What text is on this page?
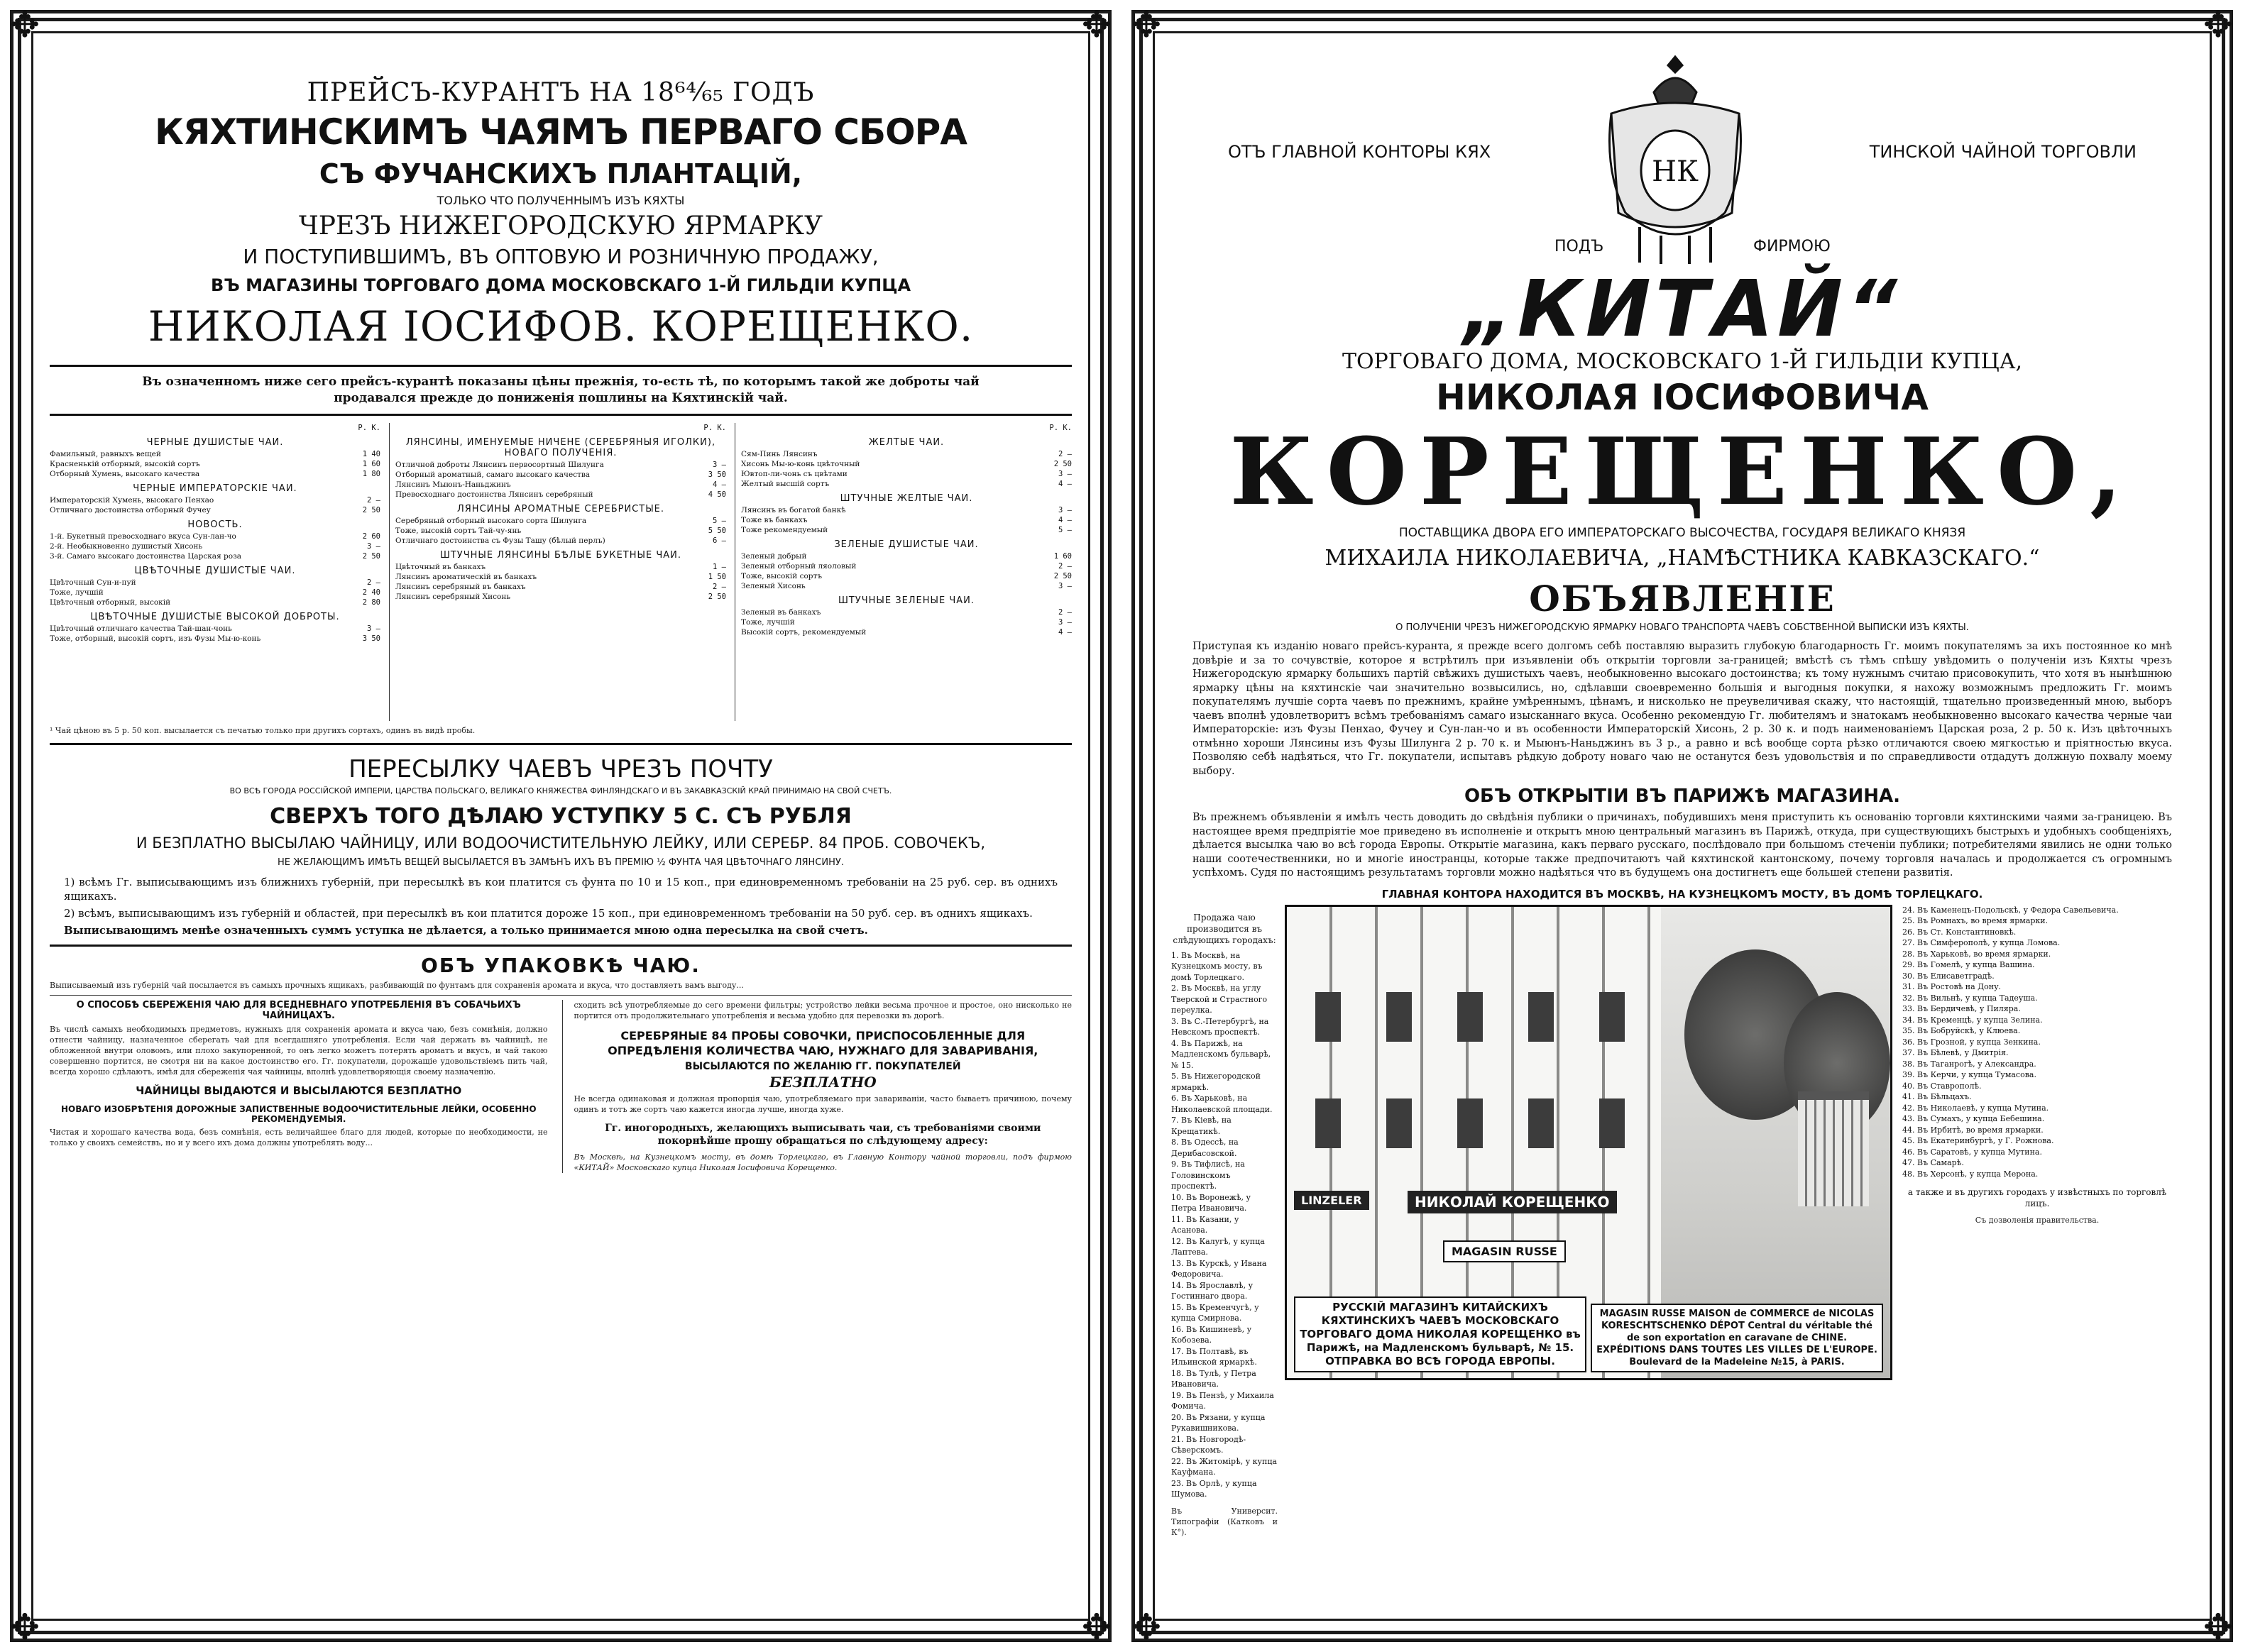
✥	✥
✥	✥

ПРЕЙСЪ-КУРАНТЪ НА 18⁶⁴⁄₆₅ ГОДЪ

КЯХТИНСКИМЪ ЧАЯМЪ ПЕРВАГО СБОРА

СЪ ФУЧАНСКИХЪ ПЛАНТАЦІЙ,

ТОЛЬКО ЧТО ПОЛУЧЕННЫМЪ ИЗЪ КЯХТЫ

ЧРЕЗЪ НИЖЕГОРОДСКУЮ ЯРМАРКУ

И ПОСТУПИВШИМЪ, ВЪ ОПТОВУЮ И РОЗНИЧНУЮ ПРОДАЖУ,

ВЪ МАГАЗИНЫ ТОРГОВАГО ДОМА МОСКОВСКАГО 1-Й ГИЛЬДІИ КУПЦА

НИКОЛАЯ ІОСИФОВ. КОРЕЩЕНКО.

Въ означенномъ ниже сего прейсъ-курантѣ показаны цѣны прежнія, то-есть тѣ, по которымъ такой же доброты чай продавался прежде до пониженія пошлины на Кяхтинскій чай.

Р. К.

ЧЕРНЫЕ ДУШИСТЫЕ ЧАИ.

Фамильный, равныхъ вещей	1 40
Красненькій отборный, высокій сортъ	1 60
Отборный Хумень, высокаго качества	1 80

ЧЕРНЫЕ ИМПЕРАТОРСКІЕ ЧАИ.

Императорскій Хумень, высокаго Пенхао	2 —
Отличнаго достоинства отборный Фучеу	2 50

НОВОСТЬ.

1-й. Букетный превосходнаго вкуса Сун-лан-чо	2 60
2-й. Необыкновенно душистый Хисонь	3 —
3-й. Самаго высокаго достоинства Царская роза	2 50

ЦВѢТОЧНЫЕ ДУШИСТЫЕ ЧАИ.

Цвѣточный Сун-и-пуй	2 —
Тоже, лучшій	2 40
Цвѣточный отборный, высокій	2 80

ЦВѢТОЧНЫЕ ДУШИСТЫЕ ВЫСОКОЙ ДОБРОТЫ.

Цвѣточный отличнаго качества Тай-шан-чонь	3 —
Тоже, отборный, высокій сортъ, изъ Фузы Мы-ю-конь	3 50
Р. К.

ЛЯНСИНЫ, ИМЕНУЕМЫЕ НИЧЕНЕ (СЕРЕБРЯНЫЯ ИГОЛКИ), НОВАГО ПОЛУЧЕНІЯ.

Отличной доброты Лянсинъ первосортный Шилунга	3 —
Отборный ароматный, самаго высокаго качества	3 50
Лянсинъ Мыюнъ-Наньджинъ	4 —
Превосходнаго достоинства Лянсинъ серебряный	4 50

ЛЯНСИНЫ АРОМАТНЫЕ СЕРЕБРИСТЫЕ.

Серебряный отборный высокаго сорта Шилунга	5 —
Тоже, высокій сортъ Тай-чу-янь	5 50
Отличнаго достоинства съ Фузы Ташу (бѣлый перлъ)	6 —

ШТУЧНЫЕ ЛЯНСИНЫ БѢЛЫЕ БУКЕТНЫЕ ЧАИ.

Цвѣточный въ банкахъ	1 —
Лянсинъ ароматическій въ банкахъ	1 50
Лянсинъ серебряный въ банкахъ	2 —
Лянсинъ серебряный Хисонь	2 50
Р. К.

ЖЕЛТЫЕ ЧАИ.

Сям-Пинь Лянсинъ	2 —
Хисонь Мы-ю-конь цвѣточный	2 50
Ювтоп-ли-чонь съ цвѣтами	3 —
Желтый высшій сортъ	4 —

ШТУЧНЫЕ ЖЕЛТЫЕ ЧАИ.

Лянсинъ въ богатой банкѣ	3 —
Тоже въ банкахъ	4 —
Тоже рекомендуемый	5 —

ЗЕЛЕНЫЕ ДУШИСТЫЕ ЧАИ.

Зеленый добрый	1 60
Зеленый отборный ляоловый	2 —
Тоже, высокій сортъ	2 50
Зеленый Хисонь	3 —

ШТУЧНЫЕ ЗЕЛЕНЫЕ ЧАИ.

Зеленый въ банкахъ	2 —
Тоже, лучшій	3 —
Высокій сортъ, рекомендуемый	4 —

¹ Чай цѣною въ 5 р. 50 коп. высылается съ печатью только при другихъ сортахъ, одинъ въ видѣ пробы.

ПЕРЕСЫЛКУ ЧАЕВЪ ЧРЕЗЪ ПОЧТУ

ВО ВСѢ ГОРОДА РОССІЙСКОЙ ИМПЕРІИ, ЦАРСТВА ПОЛЬСКАГО, ВЕЛИКАГО КНЯЖЕСТВА ФИНЛЯНДСКАГО И ВЪ ЗАКАВКАЗСКІЙ КРАЙ ПРИНИМАЮ НА СВОЙ СЧЕТЪ.

СВЕРХЪ ТОГО ДѢЛАЮ УСТУПКУ 5 С. СЪ РУБЛЯ

И БЕЗПЛАТНО ВЫСЫЛАЮ ЧАЙНИЦУ, ИЛИ ВОДООЧИСТИТЕЛЬНУЮ ЛЕЙКУ, ИЛИ СЕРЕБР. 84 ПРОБ. СОВОЧЕКЪ,

НЕ ЖЕЛАЮЩИМЪ ИМѢТЬ ВЕЩЕЙ ВЫСЫЛАЕТСЯ ВЪ ЗАМѢНЪ ИХЪ ВЪ ПРЕМІЮ ½ ФУНТА ЧАЯ ЦВѢТОЧНАГО ЛЯНСИНУ.

1) всѣмъ Гг. выписывающимъ изъ ближнихъ губерній, при пересылкѣ въ кои платится съ фунта по 10 и 15 коп., при единовременномъ требованіи на 25 руб. сер. въ однихъ ящикахъ.

2) всѣмъ, выписывающимъ изъ губерній и областей, при пересылкѣ въ кои платится дороже 15 коп., при единовременномъ требованіи на 50 руб. сер. въ однихъ ящикахъ.

Выписывающимъ менѣе означенныхъ суммъ уступка не дѣлается, а только принимается мною одна пересылка на свой счетъ.

ОБЪ УПАКОВКѢ ЧАЮ.

Выписываемый изъ губерній чай посылается въ самыхъ прочныхъ ящикахъ, разбивающій по фунтамъ для сохраненія аромата и вкуса, что доставляетъ вамъ выгоду...

О СПОСОБѢ СБЕРЕЖЕНІЯ ЧАЮ ДЛЯ ВСЕДНЕВНАГО УПОТРЕБЛЕНІЯ ВЪ СОБАЧЬИХЪ ЧАЙНИЦАХЪ.

Въ числѣ самыхъ необходимыхъ предметовъ, нужныхъ для сохраненія аромата и вкуса чаю, безъ сомнѣнія, должно отнести чайницу, назначенное сберегать чай для всегдашняго употребленія. Если чай держать въ чайницѣ, не обложенной внутри оловомъ, или плохо закупоренной, то онъ легко можетъ потерять ароматъ и вкусъ, и чай такою совершенно портится, не смотря ни на какое достоинство его. Гг. покупатели, дорожащіе удовольствіемъ пить чай, всегда хорошо сдѣлаютъ, имѣя для сбереженія чая чайницы, вполнѣ удовлетворяющія своему назначенію.

ЧАЙНИЦЫ ВЫДАЮТСЯ И ВЫСЫЛАЮТСЯ БЕЗПЛАТНО

НОВАГО ИЗОБРѢТЕНІЯ ДОРОЖНЫЕ ЗАПИСТВЕННЫЕ ВОДООЧИСТИТЕЛЬНЫЕ ЛЕЙКИ, ОСОБЕННО РЕКОМЕНДУЕМЫЯ.

Чистая и хорошаго качества вода, безъ сомнѣнія, есть величайшее благо для людей, которые по необходимости, не только у своихъ семействъ, но и у всего ихъ дома должны употреблять воду...

сходить всѣ употребляемые до сего времени фильтры; устройство лейки весьма прочное и простое, оно нисколько не портится отъ продолжительнаго употребленія и весьма удобно для перевозки въ дорогѣ.

СЕРЕБРЯНЫЕ 84 ПРОБЫ СОВОЧКИ, ПРИСПОСОБЛЕННЫЕ ДЛЯ ОПРЕДѢЛЕНІЯ КОЛИЧЕСТВА ЧАЮ, НУЖНАГО ДЛЯ ЗАВАРИВАНІЯ,

ВЫСЫЛАЮТСЯ ПО ЖЕЛАНІЮ ГГ. ПОКУПАТЕЛЕЙ

БЕЗПЛАТНО

Не всегда одинаковая и должная пропорція чаю, употребляемаго при завариваніи, часто бываетъ причиною, почему одинъ и тотъ же сортъ чаю кажется иногда лучше, иногда хуже.

Гг. иногородныхъ, желающихъ выписывать чаи, съ требованіями своими покорнѣйше прошу обращаться по слѣдующему адресу:

Въ Москвѣ, на Кузнецкомъ мосту, въ домѣ Торлецкаго, въ Главную Контору чайной торговли, подъ фирмою «КИТАЙ» Московскаго купца Николая Іосифовича Корещенко.

✥	✥
✥	✥

ОТЪ ГЛАВНОЙ КОНТОРЫ КЯХ	ТИНСКОЙ ЧАЙНОЙ ТОРГОВЛИ

НК

ПОДЪ	ФИРМОЮ

„КИТАЙ“

ТОРГОВАГО ДОМА, МОСКОВСКАГО 1-Й ГИЛЬДІИ КУПЦА,

НИКОЛАЯ ІОСИФОВИЧА

КОРЕЩЕНКО,

ПОСТАВЩИКА ДВОРА ЕГО ИМПЕРАТОРСКАГО ВЫСОЧЕСТВА, ГОСУДАРЯ ВЕЛИКАГО КНЯЗЯ

МИХАИЛА НИКОЛАЕВИЧА, „НАМѢСТНИКА КАВКАЗСКАГО.“

ОБЪЯВЛЕНІЕ

О ПОЛУЧЕНІИ ЧРЕЗЪ НИЖЕГОРОДСКУЮ ЯРМАРКУ НОВАГО ТРАНСПОРТА ЧАЕВЪ СОБСТВЕННОЙ ВЫПИСКИ ИЗЪ КЯХТЫ.

Приступая къ изданію новаго прейсъ-куранта, я прежде всего долгомъ себѣ поставляю выразить глубокую благодарность Гг. моимъ покупателямъ за ихъ постоянное ко мнѣ довѣріе и за то сочувствіе, которое я встрѣтилъ при изъявленіи объ открытіи торговли за-границей; вмѣстѣ съ тѣмъ спѣшу увѣдомить о полученіи изъ Кяхты чрезъ Нижегородскую ярмарку большихъ партій свѣжихъ душистыхъ чаевъ, необыкновенно высокаго достоинства; къ тому нужнымъ считаю присовокупить, что хотя въ нынѣшнюю ярмарку цѣны на кяхтинскіе чаи значительно возвысились, но, сдѣлавши своевременно большія и выгодныя покупки, я нахожу возможнымъ предложить Гг. моимъ покупателямъ лучшіе сорта чаевъ по прежнимъ, крайне умѣреннымъ, цѣнамъ, и нисколько не преувеличивая скажу, что настоящій, тщательно произведенный мною, выборъ чаевъ вполнѣ удовлетворитъ всѣмъ требованіямъ самаго изысканнаго вкуса. Особенно рекомендую Гг. любителямъ и знатокамъ необыкновенно высокаго качества черные чаи Императорскіе: изъ Фузы Пенхао, Фучеу и Сун-лан-чо и въ особенности Императорскій Хисонь, 2 р. 30 к. и подъ наименованіемъ Царская роза, 2 р. 50 к. Изъ цвѣточныхъ отмѣнно хороши Лянсины изъ Фузы Шилунга 2 р. 70 к. и Мыюнъ-Наньджинъ въ 3 р., а равно и всѣ вообще сорта рѣзко отличаются своею мягкостью и пріятностью вкуса. Позволяю себѣ надѣяться, что Гг. покупатели, испытавъ рѣдкую доброту новаго чаю не останутся безъ удовольствія и по справедливости отдадутъ должную похвалу моему выбору.

ОБЪ ОТКРЫТІИ ВЪ ПАРИЖѢ МАГАЗИНА.

Въ прежнемъ объявленіи я имѣлъ честь доводить до свѣдѣнія публики о причинахъ, побудившихъ меня приступить къ основанію торговли кяхтинскими чаями за-границею. Въ настоящее время предпріятіе мое приведено въ исполненіе и открытъ мною центральный магазинъ въ Парижѣ, откуда, при существующихъ быстрыхъ и удобныхъ сообщеніяхъ, дѣлается высылка чаю во всѣ города Европы. Открытіе магазина, какъ перваго русскаго, послѣдовало при большомъ стеченіи публики; потребителями явились не одни только наши соотечественники, но и многіе иностранцы, которые также предпочитаютъ чай кяхтинской кантонскому, почему торговля началась и продолжается съ огромнымъ успѣхомъ. Судя по настоящимъ результатамъ торговли можно надѣяться что въ будущемъ она достигнетъ еще большей степени развитія.

ГЛАВНАЯ КОНТОРА НАХОДИТСЯ ВЪ МОСКВѢ, НА КУЗНЕЦКОМЪ МОСТУ, ВЪ ДОМѢ ТОРЛЕЦКАГО.

Продажа чаю производится въ слѣдующихъ городахъ:

1. Въ Москвѣ, на Кузнецкомъ мосту, въ домѣ Торлецкаго.

2. Въ Москвѣ, на углу Тверской и Страстного переулка.

3. Въ С.-Петербургѣ, на Невскомъ проспектѣ.

4. Въ Парижѣ, на Мадленскомъ бульварѣ, № 15.

5. Въ Нижегородской ярмаркѣ.

6. Въ Харьковѣ, на Николаевской площади.

7. Въ Кіевѣ, на Крещатикѣ.

8. Въ Одессѣ, на Дерибасовской.

9. Въ Тифлисѣ, на Головинскомъ проспектѣ.

10. Въ Воронежѣ, у Петра Ивановича.

11. Въ Казани, у Асанова.

12. Въ Калугѣ, у купца Лаптева.

13. Въ Курскѣ, у Ивана Федоровича.

14. Въ Ярославлѣ, у Гостиннаго двора.

15. Въ Кременчугѣ, у купца Смирнова.

16. Въ Кишиневѣ, у Кобозева.

17. Въ Полтавѣ, въ Ильинской ярмаркѣ.

18. Въ Тулѣ, у Петра Ивановича.

19. Въ Пензѣ, у Михаила Фомича.

20. Въ Рязани, у купца Рукавишникова.

21. Въ Новгородѣ-Сѣверскомъ.

22. Въ Житомірѣ, у купца Кауфмана.

23. Въ Орлѣ, у купца Шумова.

Въ Университ. Типографіи (Катковъ и К°).

LINZELER	НИКОЛАЙ КОРЕЩЕНКО
MAGASIN RUSSE
РУССКІЙ МАГАЗИНЪ КИТАЙСКИХЪ КЯХТИНСКИХЪ ЧАЕВЪ МОСКОВСКАГО ТОРГОВАГО ДОМА НИКОЛАЯ КОРЕЩЕНКО въ Парижѣ, на Мадленскомъ бульварѣ, № 15. ОТПРАВКА ВО ВСѢ ГОРОДА ЕВРОПЫ.
MAGASIN RUSSE MAISON de COMMERCE de NICOLAS KORESCHTSCHENKO DÉPOT Central du véritable thé de son exportation en caravane de CHINE. EXPÉDITIONS DANS TOUTES LES VILLES DE L'EUROPE. Boulevard de la Madeleine №15, à PARIS.

24. Въ Каменецъ-Подольскѣ, у Федора Савельевича.

25. Въ Ромнахъ, во время ярмарки.

26. Въ Ст. Константиновкѣ.

27. Въ Симферополѣ, у купца Ломова.

28. Въ Харьковѣ, во время ярмарки.

29. Въ Гомелѣ, у купца Вашина.

30. Въ Елисаветградѣ.

31. Въ Ростовѣ на Дону.

32. Въ Вильнѣ, у купца Тадеуша.

33. Въ Бердичевѣ, у Пиляра.

34. Въ Кременцѣ, у купца Зелина.

35. Въ Бобруйскѣ, у Клюева.

36. Въ Грозной, у купца Зенкина.

37. Въ Бѣлевѣ, у Дмитрія.

38. Въ Таганрогѣ, у Александра.

39. Въ Керчи, у купца Тумасова.

40. Въ Ставрополѣ.

41. Въ Бѣльцахъ.

42. Въ Николаевѣ, у купца Мутина.

43. Въ Сумахъ, у купца Бебешина.

44. Въ Ирбитѣ, во время ярмарки.

45. Въ Екатеринбургѣ, у Г. Рожнова.

46. Въ Саратовѣ, у купца Мутина.

47. Въ Самарѣ.

48. Въ Херсонѣ, у купца Мерона.

а также и въ другихъ городахъ у извѣстныхъ по торговлѣ лицъ.

Съ дозволенія правительства.
